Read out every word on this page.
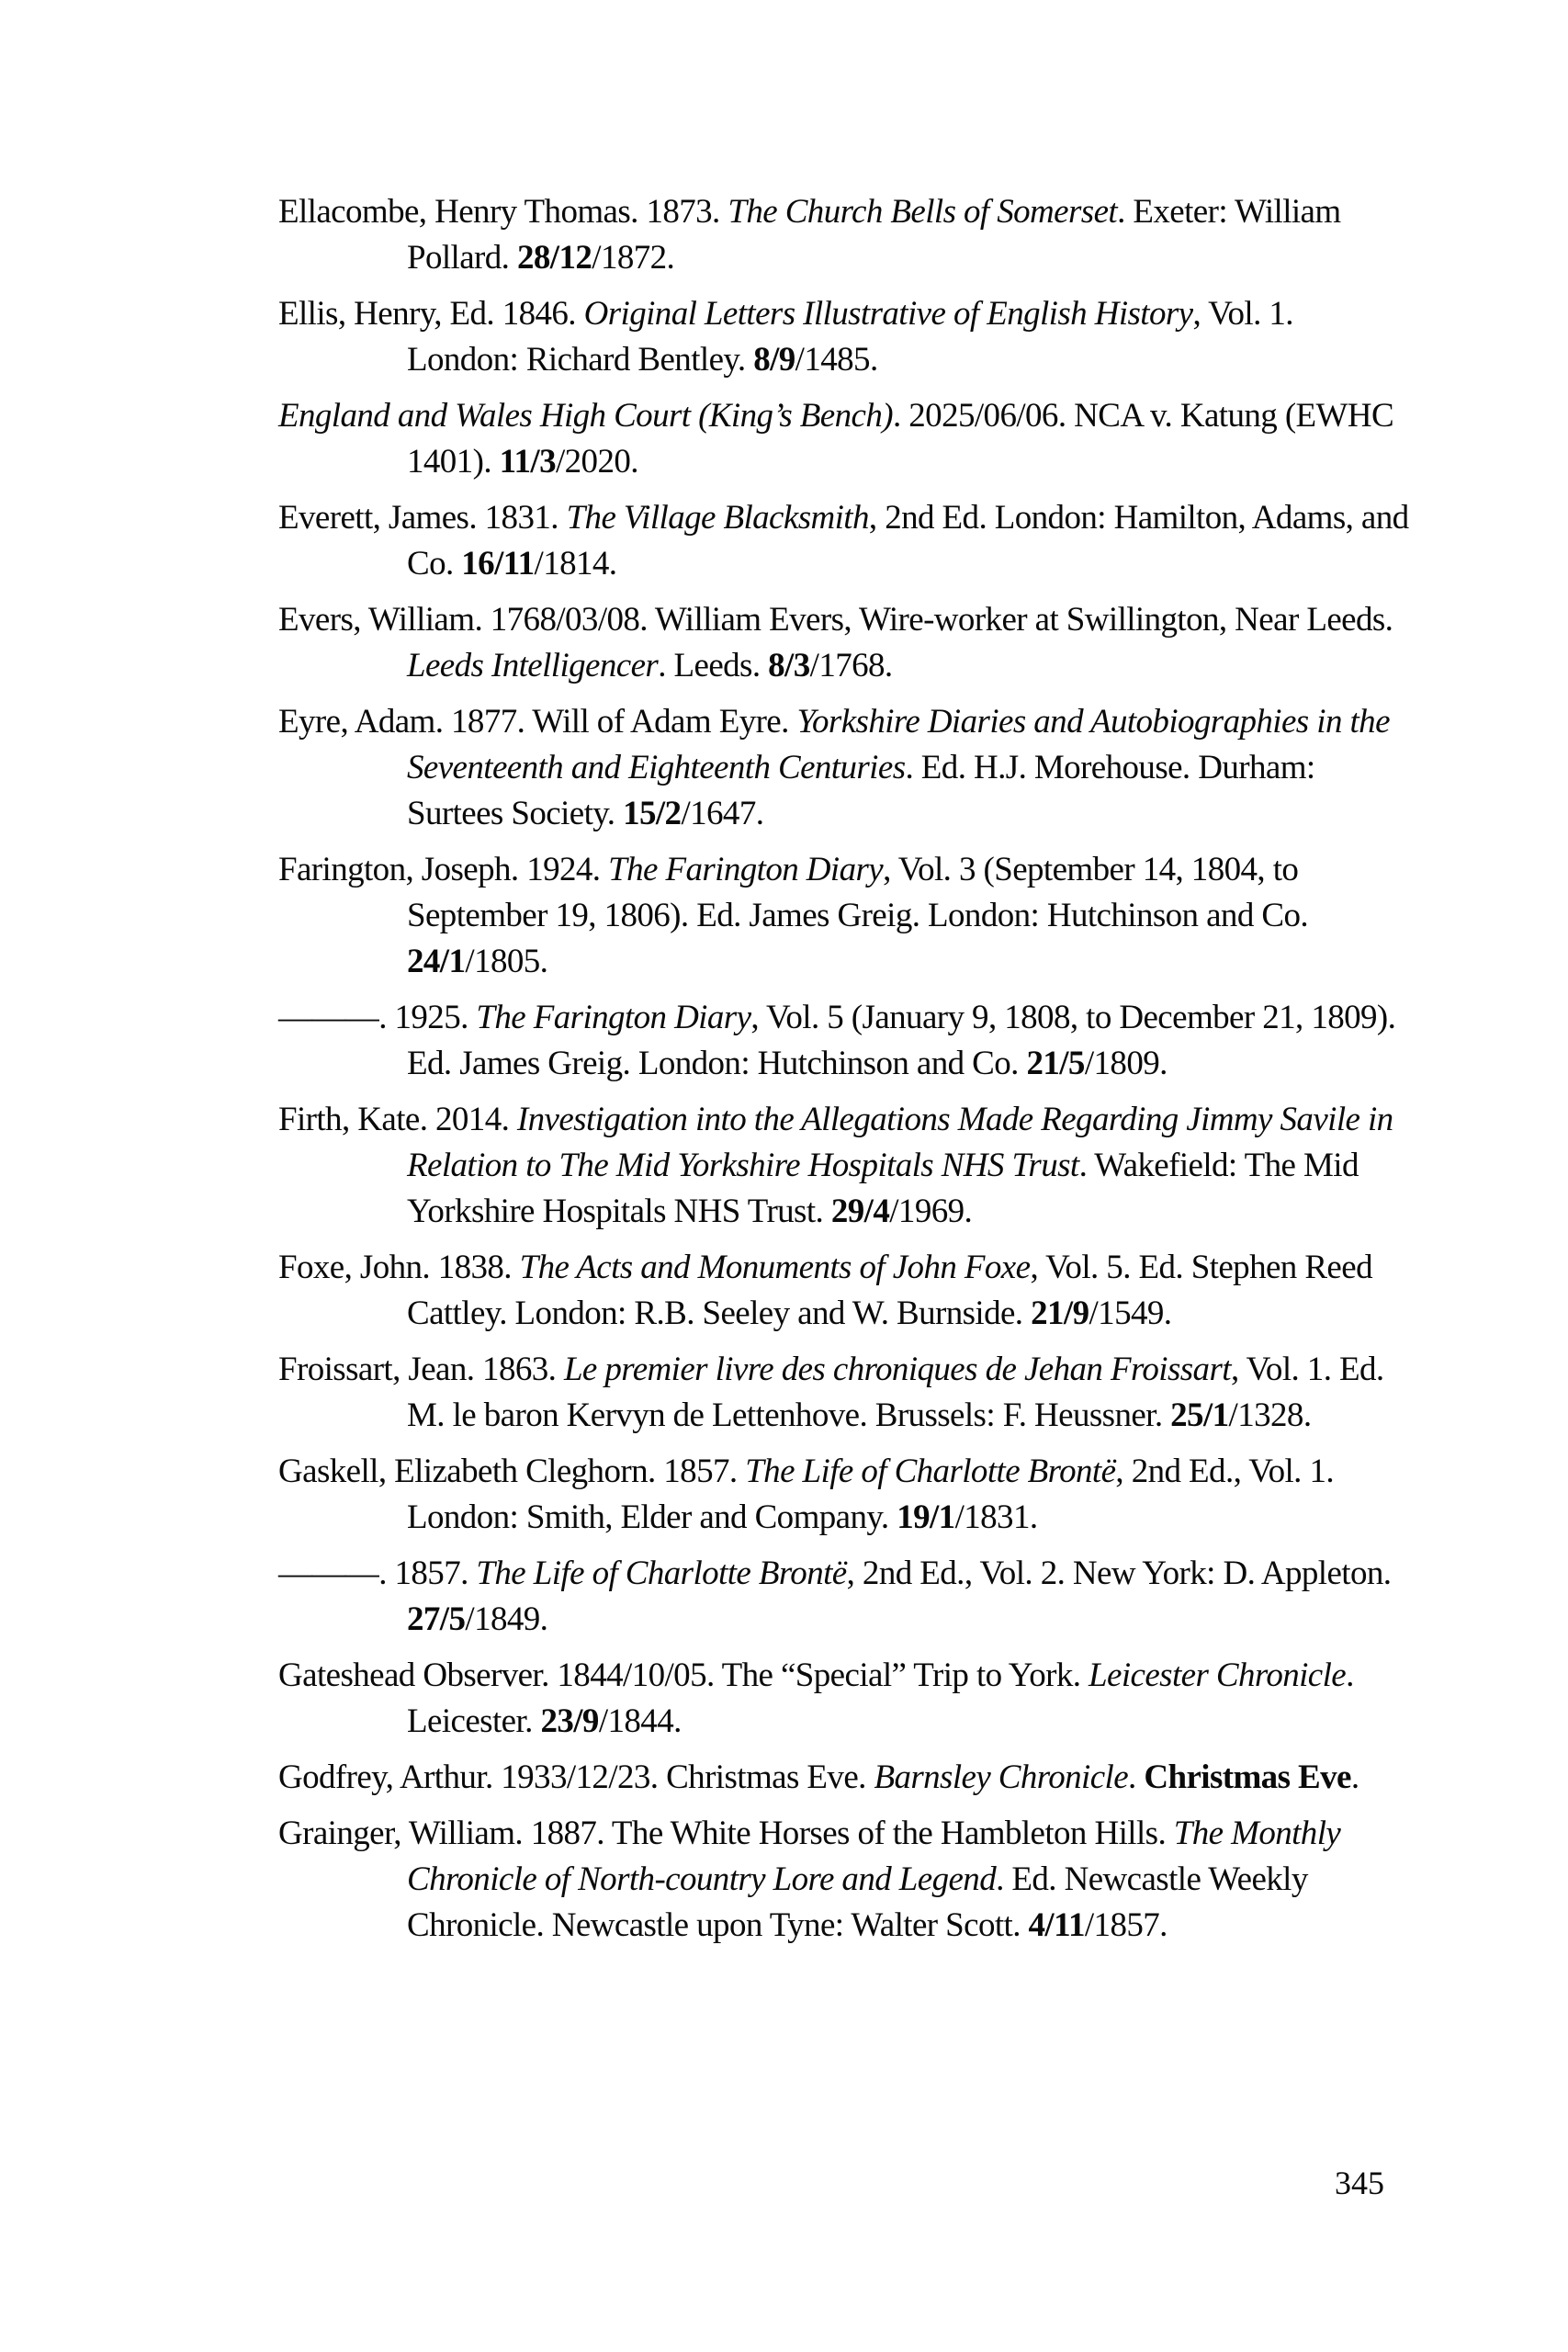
Ellacombe, Henry Thomas. 1873. The Church Bells of Somerset. Exeter: William Pollard. 28/12/1872.

Ellis, Henry, Ed. 1846. Original Letters Illustrative of English History, Vol. 1. London: Richard Bentley. 8/9/1485.

England and Wales High Court (King’s Bench). 2025/06/06. NCA v. Katung (EWHC 1401). 11/3/2020.

Everett, James. 1831. The Village Blacksmith, 2nd Ed. London: Hamilton, Adams, and Co. 16/11/1814.

Evers, William. 1768/03/08. William Evers, Wire-worker at Swillington, Near Leeds. Leeds Intelligencer. Leeds. 8/3/1768.

Eyre, Adam. 1877. Will of Adam Eyre. Yorkshire Diaries and Autobiographies in the Seventeenth and Eighteenth Centuries. Ed. H.J. Morehouse. Durham: Surtees Society. 15/2/1647.

Farington, Joseph. 1924. The Farington Diary, Vol. 3 (September 14, 1804, to September 19, 1806). Ed. James Greig. London: Hutchinson and Co. 24/1/1805.

———. 1925. The Farington Diary, Vol. 5 (January 9, 1808, to December 21, 1809). Ed. James Greig. London: Hutchinson and Co. 21/5/1809.

Firth, Kate. 2014. Investigation into the Allegations Made Regarding Jimmy Savile in Relation to The Mid Yorkshire Hospitals NHS Trust. Wakefield: The Mid Yorkshire Hospitals NHS Trust. 29/4/1969.

Foxe, John. 1838. The Acts and Monuments of John Foxe, Vol. 5. Ed. Stephen Reed Cattley. London: R.B. Seeley and W. Burnside. 21/9/1549.

Froissart, Jean. 1863. Le premier livre des chroniques de Jehan Froissart, Vol. 1. Ed. M. le baron Kervyn de Lettenhove. Brussels: F. Heussner. 25/1/1328.

Gaskell, Elizabeth Cleghorn. 1857. The Life of Charlotte Brontë, 2nd Ed., Vol. 1. London: Smith, Elder and Company. 19/1/1831.

———. 1857. The Life of Charlotte Brontë, 2nd Ed., Vol. 2. New York: D. Appleton. 27/5/1849.

Gateshead Observer. 1844/10/05. The “Special” Trip to York. Leicester Chronicle. Leicester. 23/9/1844.

Godfrey, Arthur. 1933/12/23. Christmas Eve. Barnsley Chronicle. Christmas Eve.

Grainger, William. 1887. The White Horses of the Hambleton Hills. The Monthly Chronicle of North-country Lore and Legend. Ed. Newcastle Weekly Chronicle. Newcastle upon Tyne: Walter Scott. 4/11/1857.

345
